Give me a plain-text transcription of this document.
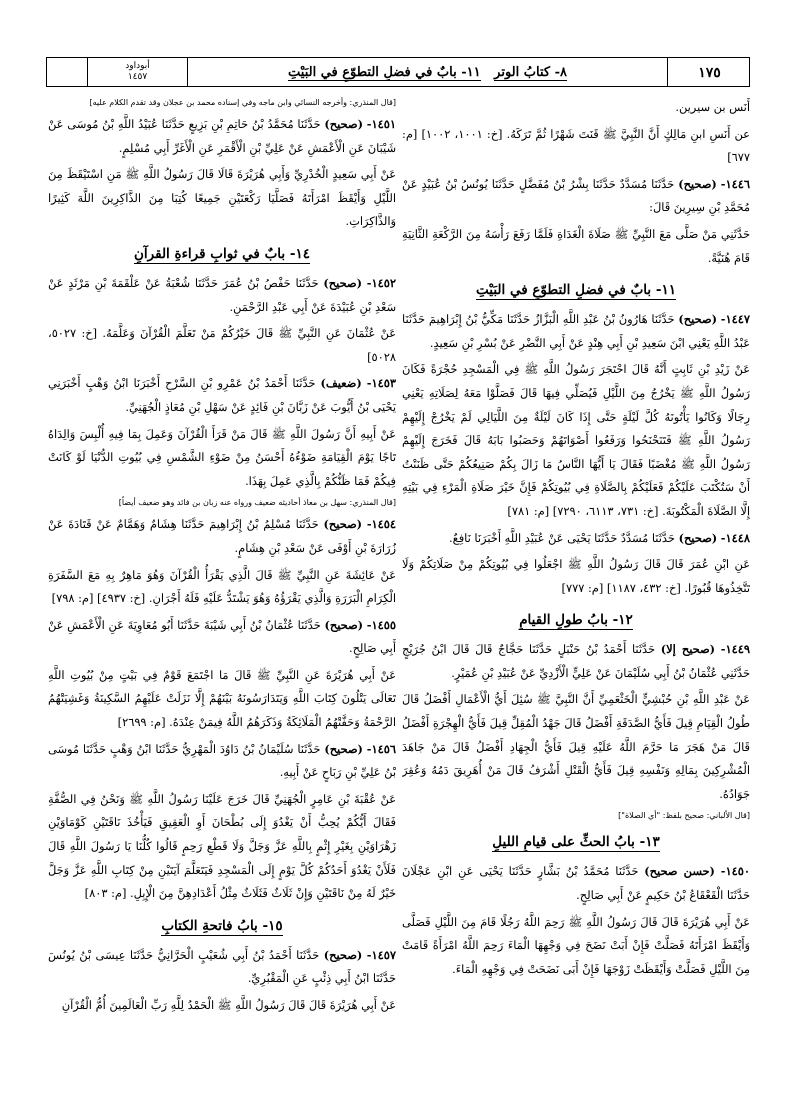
أبوداود
١٤٥٧	٨- كتابُ الوتر   ١١- بابٌ في فضلِ التطوّعِ في البَيْتِ	١٧٥

أَنَس بن سيرين.

عن أَنَسِ ابنِ مَالِكٍ أَنَّ النَّبِيَّ ﷺ قَنَتَ شَهْرًا ثُمَّ تَرَكَهُ. [خ: ١٠٠١، ١٠٠٢] [م: ٦٧٧]

١٤٤٦- (صحيح) حَدَّثَنَا مُسَدَّدٌ حَدَّثَنَا بِشْرُ بْنُ مُفَضَّلٍ حَدَّثَنَا يُونُسُ بْنُ عُبَيْدٍ عَنْ مُحَمَّدِ بْنِ سِيرِينَ قَالَ:

حَدَّثَنِي مَنْ صَلَّى مَعَ النَّبِيِّ ﷺ صَلَاةَ الْغَدَاةِ فَلَمَّا رَفَعَ رَأْسَهُ مِنَ الرَّكْعَةِ الثَّانِيَةِ قَامَ هُنَيَّةً.

١١- بابٌ في فضلِ التطوّعِ في البَيْتِ

١٤٤٧- (صحيح) حَدَّثَنَا هَارُونُ بْنُ عَبْدِ اللَّهِ الْبَزَّازُ حَدَّثَنَا مَكِّيُّ بْنُ إِبْرَاهِيمَ حَدَّثَنَا عَبْدُ اللَّهِ يَعْنِي ابْنَ سَعِيدِ بْنِ أَبِي هِنْدٍ عَنْ أَبِي النَّضْرِ عَنْ بُسْرِ بْنِ سَعِيدٍ.

عَنْ زَيْدِ بْنِ ثَابِتٍ أَنَّهُ قَالَ احْتَجَرَ رَسُولُ اللَّهِ ﷺ فِي الْمَسْجِدِ حُجْرَةً فَكَانَ رَسُولُ اللَّهِ ﷺ يَخْرُجُ مِنَ اللَّيْلِ فَيُصَلِّي فِيهَا قَالَ فَصَلَّوْا مَعَهُ لِصَلَاتِهِ يَعْنِي رِجَالًا وَكَانُوا يَأْتُونَهُ كُلَّ لَيْلَةٍ حَتَّى إِذَا كَانَ لَيْلَةٌ مِنَ اللَّيَالِي لَمْ يَخْرُجْ إِلَيْهِمْ رَسُولُ اللَّهِ ﷺ فَتَنَحْنَحُوا وَرَفَعُوا أَصْوَاتَهُمْ وَحَصَبُوا بَابَهُ قَالَ فَخَرَجَ إِلَيْهِمْ رَسُولُ اللَّهِ ﷺ مُغْضَبًا فَقَالَ يَا أَيُّهَا النَّاسُ مَا زَالَ بِكُمْ صَنِيعُكُمْ حَتَّى ظَنَنْتُ أَنْ سَتُكْتَبَ عَلَيْكُمْ فَعَلَيْكُمْ بِالصَّلَاةِ فِي بُيُوتِكُمْ فَإِنَّ خَيْرَ صَلَاةِ الْمَرْءِ فِي بَيْتِهِ إِلَّا الصَّلَاةَ الْمَكْتُوبَةَ. [خ: ٧٣١، ٦١١٣، ٧٢٩٠] [م: ٧٨١]

١٤٤٨- (صحيح) حَدَّثَنَا مُسَدَّدٌ حَدَّثَنَا يَحْيَى عَنْ عُبَيْدِ اللَّهِ أَخْبَرَنَا نَافِعٌ.

عَنِ ابْنِ عُمَرَ قَالَ قَالَ رَسُولُ اللَّهِ ﷺ اجْعَلُوا فِي بُيُوتِكُمْ مِنْ صَلَاتِكُمْ وَلَا تَتَّخِذُوهَا قُبُورًا. [خ: ٤٣٢، ١١٨٧] [م: ٧٧٧]

١٢- بابُ طولِ القيامِ

١٤٤٩- (صحيح إلا) حَدَّثَنَا أَحْمَدُ بْنُ حَنْبَلٍ حَدَّثَنَا حَجَّاجٌ قَالَ قَالَ ابْنُ جُرَيْجٍ حَدَّثَنِي عُثْمَانُ بْنُ أَبِي سُلَيْمَانَ عَنْ عَلِيٍّ الْأَزْدِيِّ عَنْ عُبَيْدِ بْنِ عُمَيْرٍ.

عَنْ عَبْدِ اللَّهِ بْنِ حُبْشِيٍّ الْخَثْعَمِيِّ أَنَّ النَّبِيَّ ﷺ سُئِلَ أَيُّ الْأَعْمَالِ أَفْضَلُ قَالَ طُولُ الْقِيَامِ قِيلَ فَأَيُّ الصَّدَقَةِ أَفْضَلُ قَالَ جَهْدُ الْمُقِلِّ قِيلَ فَأَيُّ الْهِجْرَةِ أَفْضَلُ قَالَ مَنْ هَجَرَ مَا حَرَّمَ اللَّهُ عَلَيْهِ قِيلَ فَأَيُّ الْجِهَادِ أَفْضَلُ قَالَ مَنْ جَاهَدَ الْمُشْرِكِينَ بِمَالِهِ وَنَفْسِهِ قِيلَ فَأَيُّ الْقَتْلِ أَشْرَفُ قَالَ مَنْ أُهَرِيقَ دَمُهُ وَعُقِرَ جَوَادُهُ.

[قال الألباني: صحيح بلفظ: "أي الصلاة"]

١٣- بابُ الحثِّ على قيامِ الليلِ

١٤٥٠- (حسن صحيح) حَدَّثَنَا مُحَمَّدُ بْنُ بَشَّارٍ حَدَّثَنَا يَحْيَى عَنِ ابْنِ عَجْلَانَ حَدَّثَنَا الْقَعْقَاعُ بْنُ حَكِيمٍ عَنْ أَبِي صَالِحٍ.

عَنْ أَبِي هُرَيْرَةَ قَالَ قَالَ رَسُولُ اللَّهِ ﷺ رَحِمَ اللَّهُ رَجُلًا قَامَ مِنَ اللَّيْلِ فَصَلَّى وَأَيْقَظَ امْرَأَتَهُ فَصَلَّتْ فَإِنْ أَبَتْ نَضَحَ فِي وَجْهِهَا الْمَاءَ رَحِمَ اللَّهُ امْرَأَةً قَامَتْ مِنَ اللَّيْلِ فَصَلَّتْ وَأَيْقَظَتْ زَوْجَهَا فَإِنْ أَبَى نَضَحَتْ فِي وَجْهِهِ الْمَاءَ.

[قال المنذري: وأخرجه النسائي وابن ماجه وفي إسناده محمد بن عجلان وقد تقدم الكلام عليه]

١٤٥١- (صحيح) حَدَّثَنَا مُحَمَّدُ بْنُ حَاتِمِ بْنِ بَزِيعٍ حَدَّثَنَا عُبَيْدُ اللَّهِ بْنُ مُوسَى عَنْ شَيْبَانَ عَنِ الْأَعْمَشِ عَنْ عَلِيِّ بْنِ الْأَقْمَرِ عَنِ الْأَغَرِّ أَبِي مُسْلِمٍ.

عَنْ أَبِي سَعِيدٍ الْخُدْرِيِّ وَأَبِي هُرَيْرَةَ قَالَا قَالَ رَسُولُ اللَّهِ ﷺ مَنِ اسْتَيْقَظَ مِنَ اللَّيْلِ وَأَيْقَظَ امْرَأَتَهُ فَصَلَّيَا رَكْعَتَيْنِ جَمِيعًا كُتِبَا مِنَ الذَّاكِرِينَ اللَّهَ كَثِيرًا وَالذَّاكِرَاتِ.

١٤- بابٌ في ثوابِ قراءةِ القرآنِ

١٤٥٢- (صحيح) حَدَّثَنَا حَفْصُ بْنُ عُمَرَ حَدَّثَنَا شُعْبَةُ عَنْ عَلْقَمَةَ بْنِ مَرْثَدٍ عَنْ سَعْدِ بْنِ عُبَيْدَةَ عَنْ أَبِي عَبْدِ الرَّحْمَنِ.

عَنْ عُثْمَانَ عَنِ النَّبِيِّ ﷺ قَالَ خَيْرُكُمْ مَنْ تَعَلَّمَ الْقُرْآنَ وَعَلَّمَهُ. [خ: ٥٠٢٧، ٥٠٢٨]

١٤٥٣- (ضعيف) حَدَّثَنَا أَحْمَدُ بْنُ عَمْرِو بْنِ السَّرْحِ أَخْبَرَنَا ابْنُ وَهْبٍ أَخْبَرَنِي يَحْيَى بْنُ أَيُّوبَ عَنْ زَبَّانَ بْنِ فَائِدٍ عَنْ سَهْلِ بْنِ مُعَاذٍ الْجُهَنِيِّ.

عَنْ أَبِيهِ أَنَّ رَسُولَ اللَّهِ ﷺ قَالَ مَنْ قَرَأَ الْقُرْآنَ وَعَمِلَ بِمَا فِيهِ أُلْبِسَ وَالِدَاهُ تَاجًا يَوْمَ الْقِيَامَةِ ضَوْءُهُ أَحْسَنُ مِنْ ضَوْءِ الشَّمْسِ فِي بُيُوتِ الدُّنْيَا لَوْ كَانَتْ فِيكُمْ فَمَا ظَنُّكُمْ بِالَّذِي عَمِلَ بِهَذَا.

[قال المنذري: سهل بن معاذ أحاديثه ضعيف ورواه عنه زبان بن فائد وهو ضعيف أيضاً]

١٤٥٤- (صحيح) حَدَّثَنَا مُسْلِمُ بْنُ إِبْرَاهِيمَ حَدَّثَنَا هِشَامٌ وَهَمَّامٌ عَنْ قَتَادَةَ عَنْ زُرَارَةَ بْنِ أَوْفَى عَنْ سَعْدِ بْنِ هِشَامٍ.

عَنْ عَائِشَةَ عَنِ النَّبِيِّ ﷺ قَالَ الَّذِي يَقْرَأُ الْقُرْآنَ وَهُوَ مَاهِرٌ بِهِ مَعَ السَّفَرَةِ الْكِرَامِ الْبَرَرَةِ وَالَّذِي يَقْرَؤُهُ وَهُوَ يَشْتَدُّ عَلَيْهِ فَلَهُ أَجْرَانِ. [خ: ٤٩٣٧] [م: ٧٩٨]

١٤٥٥- (صحيح) حَدَّثَنَا عُثْمَانُ بْنُ أَبِي شَيْبَةَ حَدَّثَنَا أَبُو مُعَاوِيَةَ عَنِ الْأَعْمَشِ عَنْ أَبِي صَالِحٍ.

عَنْ أَبِي هُرَيْرَةَ عَنِ النَّبِيِّ ﷺ قَالَ مَا اجْتَمَعَ قَوْمٌ فِي بَيْتٍ مِنْ بُيُوتِ اللَّهِ تَعَالَى يَتْلُونَ كِتَابَ اللَّهِ وَيَتَدَارَسُونَهُ بَيْنَهُمْ إِلَّا نَزَلَتْ عَلَيْهِمُ السَّكِينَةُ وَغَشِيَتْهُمُ الرَّحْمَةُ وَحَفَّتْهُمُ الْمَلَائِكَةُ وَذَكَرَهُمُ اللَّهُ فِيمَنْ عِنْدَهُ. [م: ٢٦٩٩]

١٤٥٦- (صحيح) حَدَّثَنَا سُلَيْمَانُ بْنُ دَاوُدَ الْمَهْرِيُّ حَدَّثَنَا ابْنُ وَهْبٍ حَدَّثَنَا مُوسَى بْنُ عَلِيِّ بْنِ رَبَاحٍ عَنْ أَبِيهِ.

عَنْ عُقْبَةَ بْنِ عَامِرٍ الْجُهَنِيِّ قَالَ خَرَجَ عَلَيْنَا رَسُولُ اللَّهِ ﷺ وَنَحْنُ فِي الصُّفَّةِ فَقَالَ أَيُّكُمْ يُحِبُّ أَنْ يَغْدُوَ إِلَى بُطْحَانَ أَوِ الْعَقِيقِ فَيَأْخُذَ نَاقَتَيْنِ كَوْمَاوَيْنِ زَهْرَاوَيْنِ بِغَيْرِ إِثْمٍ بِاللَّهِ عَزَّ وَجَلَّ وَلَا قَطْعِ رَحِمٍ قَالُوا كُلُّنَا يَا رَسُولَ اللَّهِ قَالَ فَلَأَنْ يَغْدُوَ أَحَدُكُمْ كُلَّ يَوْمٍ إِلَى الْمَسْجِدِ فَيَتَعَلَّمَ آيَتَيْنِ مِنْ كِتَابِ اللَّهِ عَزَّ وَجَلَّ خَيْرٌ لَهُ مِنْ نَاقَتَيْنِ وَإِنْ ثَلَاثٌ فَثَلَاثٌ مِثْلُ أَعْدَادِهِنَّ مِنَ الْإِبِلِ. [م: ٨٠٣]

١٥- بابُ فاتحةِ الكتابِ

١٤٥٧- (صحيح) حَدَّثَنَا أَحْمَدُ بْنُ أَبِي شُعَيْبٍ الْحَرَّانِيُّ حَدَّثَنَا عِيسَى بْنُ يُونُسَ حَدَّثَنَا ابْنُ أَبِي ذِئْبٍ عَنِ الْمَقْبُرِيِّ.

عَنْ أَبِي هُرَيْرَةَ قَالَ قَالَ رَسُولُ اللَّهِ ﷺ الْحَمْدُ لِلَّهِ رَبِّ الْعَالَمِينَ أُمُّ الْقُرْآنِ
